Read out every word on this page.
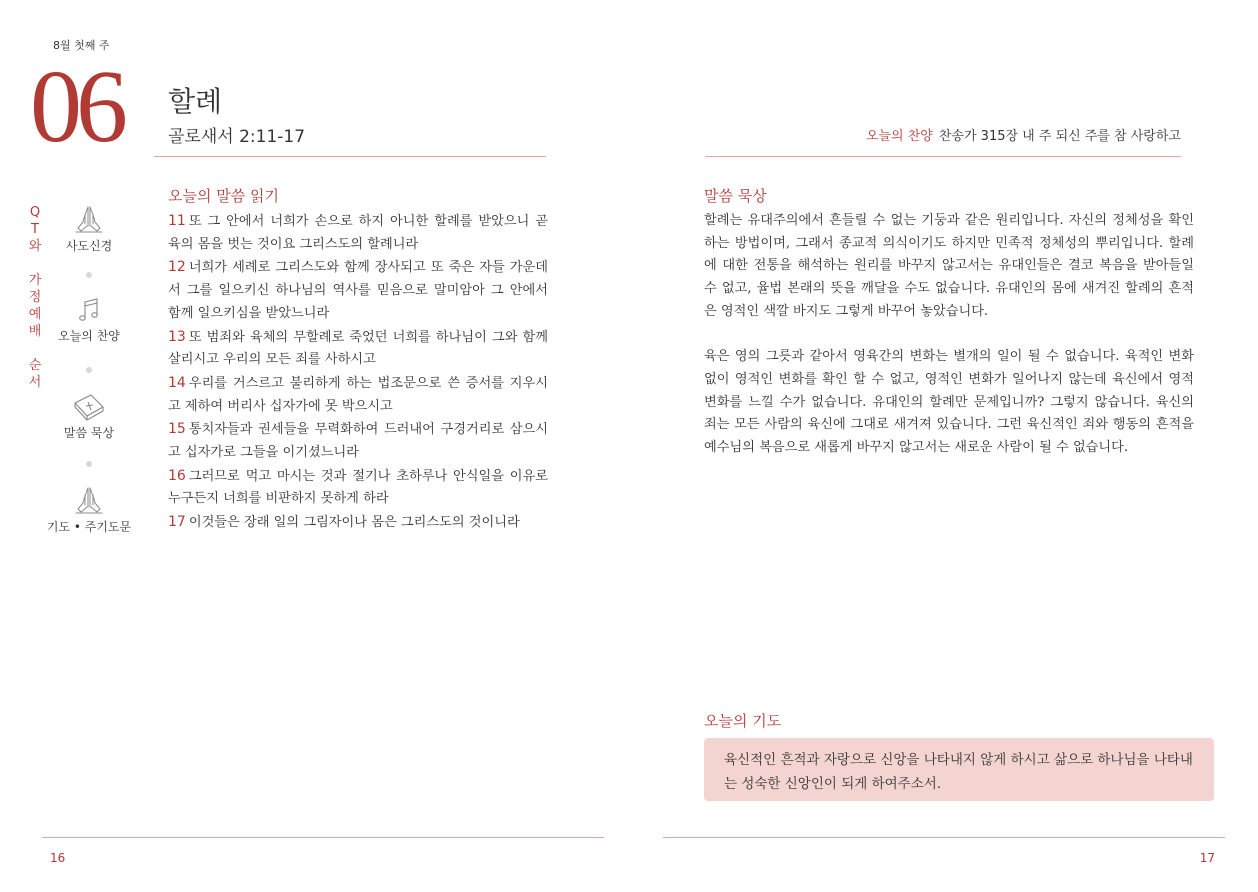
8월 첫째 주
06 할례
골로새서 2:11-17
Q
T
와
가
정
예
배
순
서
사도신경
오늘의 찬양
말씀 묵상
기도 • 주기도문
오늘의 말씀 읽기
11 또 그 안에서 너희가 손으로 하지 아니한 할례를 받았으니 곧 육의 몸을 벗는 것이요 그리스도의 할례니라
12 너희가 세례로 그리스도와 함께 장사되고 또 죽은 자들 가운데서 그를 일으키신 하나님의 역사를 믿음으로 말미암아 그 안에서 함께 일으키심을 받았느니라
13 또 범죄와 육체의 무할례로 죽었던 너희를 하나님이 그와 함께 살리시고 우리의 모든 죄를 사하시고
14 우리를 거스르고 불리하게 하는 법조문으로 쓴 증서를 지우시고 제하여 버리사 십자가에 못 박으시고
15 통치자들과 권세들을 무력화하여 드러내어 구경거리로 삼으시고 십자가로 그들을 이기셨느니라
16 그러므로 먹고 마시는 것과 절기나 초하루나 안식일을 이유로 누구든지 너희를 비판하지 못하게 하라
17 이것들은 장래 일의 그림자이나 몸은 그리스도의 것이니라
오늘의 찬양 찬송가 315장 내 주 되신 주를 참 사랑하고
말씀 묵상

할례는 유대주의에서 흔들릴 수 없는 기둥과 같은 원리입니다. 자신의 정체성을 확인하는 방법이며, 그래서 종교적 의식이기도 하지만 민족적 정체성의 뿌리입니다. 할례에 대한 전통을 해석하는 원리를 바꾸지 않고서는 유대인들은 결코 복음을 받아들일 수 없고, 율법 본래의 뜻을 깨달을 수도 없습니다. 유대인의 몸에 새겨진 할례의 흔적은 영적인 색깔 바지도 그렇게 바꾸어 놓았습니다.

육은 영의 그릇과 같아서 영육간의 변화는 별개의 일이 될 수 없습니다. 육적인 변화 없이 영적인 변화를 확인 할 수 없고, 영적인 변화가 일어나지 않는데 육신에서 영적 변화를 느낄 수가 없습니다. 유대인의 할례만 문제입니까? 그렇지 않습니다. 육신의 죄는 모든 사람의 육신에 그대로 새겨져 있습니다. 그런 육신적인 죄와 행동의 흔적을 예수님의 복음으로 새롭게 바꾸지 않고서는 새로운 사람이 될 수 없습니다.

오늘의 기도
육신적인 흔적과 자랑으로 신앙을 나타내지 않게 하시고 삶으로 하나님을 나타내는 성숙한 신앙인이 되게 하여주소서.
16	17
